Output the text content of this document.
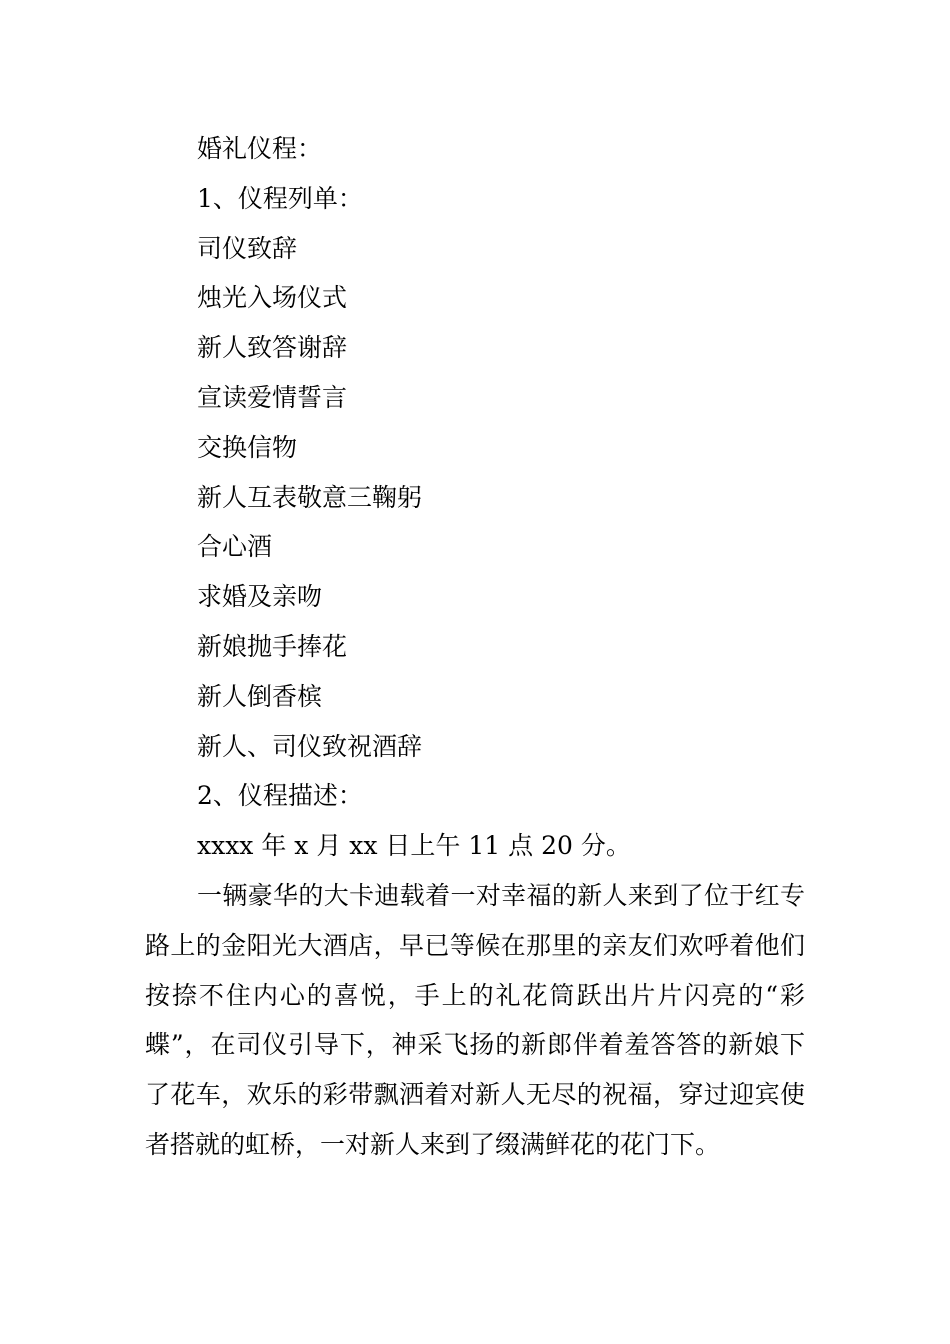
婚礼仪程：

1、仪程列单：

司仪致辞

烛光入场仪式

新人致答谢辞

宣读爱情誓言

交换信物

新人互表敬意三鞠躬

合心酒

求婚及亲吻

新娘抛手捧花

新人倒香槟

新人、司仪致祝酒辞

2、仪程描述：

xxxx 年 x 月 xx 日上午 11 点 20 分。

一辆豪华的大卡迪载着一对幸福的新人来到了位于红专路上的金阳光大酒店，早已等候在那里的亲友们欢呼着他们按捺不住内心的喜悦，手上的礼花筒跃出片片闪亮的“彩蝶”，在司仪引导下，神采飞扬的新郎伴着羞答答的新娘下了花车，欢乐的彩带飘洒着对新人无尽的祝福，穿过迎宾使者搭就的虹桥，一对新人来到了缀满鲜花的花门下。
